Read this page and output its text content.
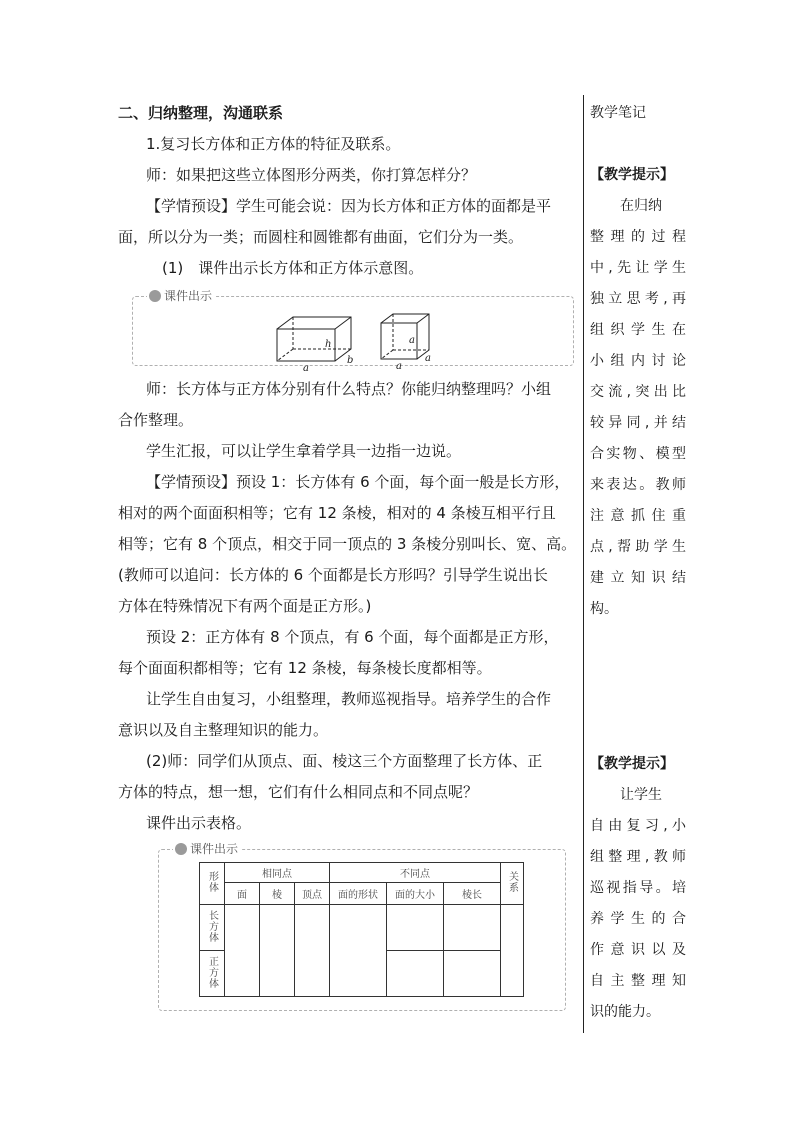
二、归纳整理，沟通联系
1.复习长方体和正方体的特征及联系。
师：如果把这些立体图形分两类，你打算怎样分？
【学情预设】学生可能会说：因为长方体和正方体的面都是平
面，所以分为一类；而圆柱和圆锥都有曲面，它们分为一类。
(1)　课件出示长方体和正方体示意图。
课件出示
h
a
b
a
a
a
师：长方体与正方体分别有什么特点？你能归纳整理吗？小组
合作整理。
学生汇报，可以让学生拿着学具一边指一边说。
【学情预设】预设 1：长方体有 6 个面，每个面一般是长方形，
相对的两个面面积相等；它有 12 条棱，相对的 4 条棱互相平行且
相等；它有 8 个顶点，相交于同一顶点的 3 条棱分别叫长、宽、高。
(教师可以追问：长方体的 6 个面都是长方形吗？引导学生说出长
方体在特殊情况下有两个面是正方形。)
预设 2：正方体有 8 个顶点，有 6 个面，每个面都是正方形，
每个面面积都相等；它有 12 条棱，每条棱长度都相等。
让学生自由复习，小组整理，教师巡视指导。培养学生的合作
意识以及自主整理知识的能力。
(2)师：同学们从顶点、面、棱这三个方面整理了长方体、正
方体的特点，想一想，它们有什么相同点和不同点呢？
课件出示表格。
课件出示
形体	相同点			不同点			关系
	面	棱	顶点	面的形状	面的大小	棱长	
长方体							
正方体							
教学笔记
【教学提示】
在归纳
整理的过程
中,先让学生
独立思考,再
组织学生在
小组内讨论
交流,突出比
较异同,并结
合实物、模型
来表达。教师
注意抓住重
点,帮助学生
建立知识结
构。
【教学提示】
让学生
自由复习,小
组整理,教师
巡视指导。培
养学生的合
作意识以及
自主整理知
识的能力。
